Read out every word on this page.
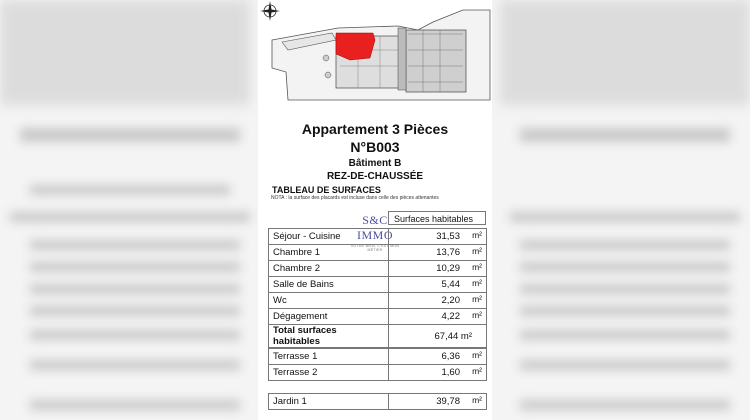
Appartement 3 Pièces
N°B003
Bâtiment B
REZ-DE-CHAUSSÉE
TABLEAU DE SURFACES
NOTA : la surface des placards est incluse dans celle des pièces attenantes
S&C IMMO
VOTRE BIEN, C'EST MON MÉTIER
Surfaces habitables
Séjour - Cuisine	31,53 m²

Chambre 1	13,76 m²

Chambre 2	10,29 m²

Salle de Bains	5,44 m²

Wc	2,20 m²

Dégagement	4,22 m²

Total surfaces habitables	67,44 m²
Terrasse 1	6,36 m²

Terrasse 2	1,60 m²
Jardin 1	39,78 m²
